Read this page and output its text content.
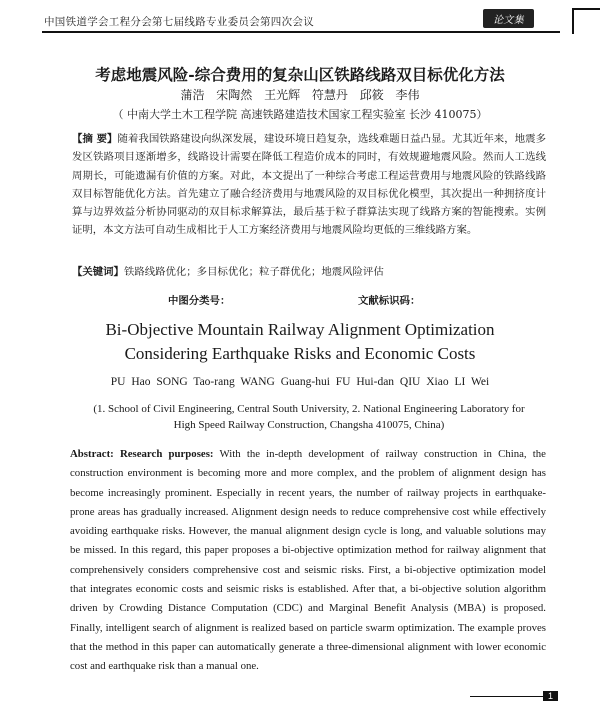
中国铁道学会工程分会第七届线路专业委员会第四次会议	论文集
考虑地震风险-综合费用的复杂山区铁路线路双目标优化方法
蒲浩 宋陶然 王光辉 符慧丹 邱筱 李伟
（ 中南大学土木工程学院 高速铁路建造技术国家工程实验室 长沙 410075）
【摘 要】随着我国铁路建设向纵深发展，建设环境日趋复杂，选线难题日益凸显。尤其近年来，地震多发区铁路项目逐渐增多，线路设计需要在降低工程造价成本的同时，有效规避地震风险。然而人工选线周期长，可能遗漏有价值的方案。对此，本文提出了一种综合考虑工程运营费用与地震风险的铁路线路双目标智能优化方法。首先建立了融合经济费用与地震风险的双目标优化模型，其次提出一种拥挤度计算与边界效益分析协同驱动的双目标求解算法，最后基于粒子群算法实现了线路方案的智能搜索。实例证明，本文方法可自动生成相比于人工方案经济费用与地震风险均更低的三维线路方案。
【关键词】铁路线路优化；多目标优化；粒子群优化；地震风险评估
中图分类号：	文献标识码：
Bi-Objective Mountain Railway Alignment Optimization
Considering Earthquake Risks and Economic Costs
PU Hao SONG Tao-rang WANG Guang-hui FU Hui-dan QIU Xiao LI Wei
(1. School of Civil Engineering, Central South University, 2. National Engineering Laboratory for High Speed Railway Construction, Changsha 410075, China)
Abstract: Research purposes: With the in-depth development of railway construction in China, the construction environment is becoming more and more complex, and the problem of alignment design has become increasingly prominent. Especially in recent years, the number of railway projects in earthquake-prone areas has gradually increased. Alignment design needs to reduce comprehensive cost while effectively avoiding earthquake risks. However, the manual alignment design cycle is long, and valuable solutions may be missed. In this regard, this paper proposes a bi-objective optimization method for railway alignment that comprehensively considers comprehensive cost and seismic risks. First, a bi-objective optimization model that integrates economic costs and seismic risks is established. After that, a bi-objective solution algorithm driven by Crowding Distance Computation (CDC) and Marginal Benefit Analysis (MBA) is proposed. Finally, intelligent search of alignment is realized based on particle swarm optimization. The example proves that the method in this paper can automatically generate a three-dimensional alignment with lower economic cost and earthquake risk than a manual one.
1
